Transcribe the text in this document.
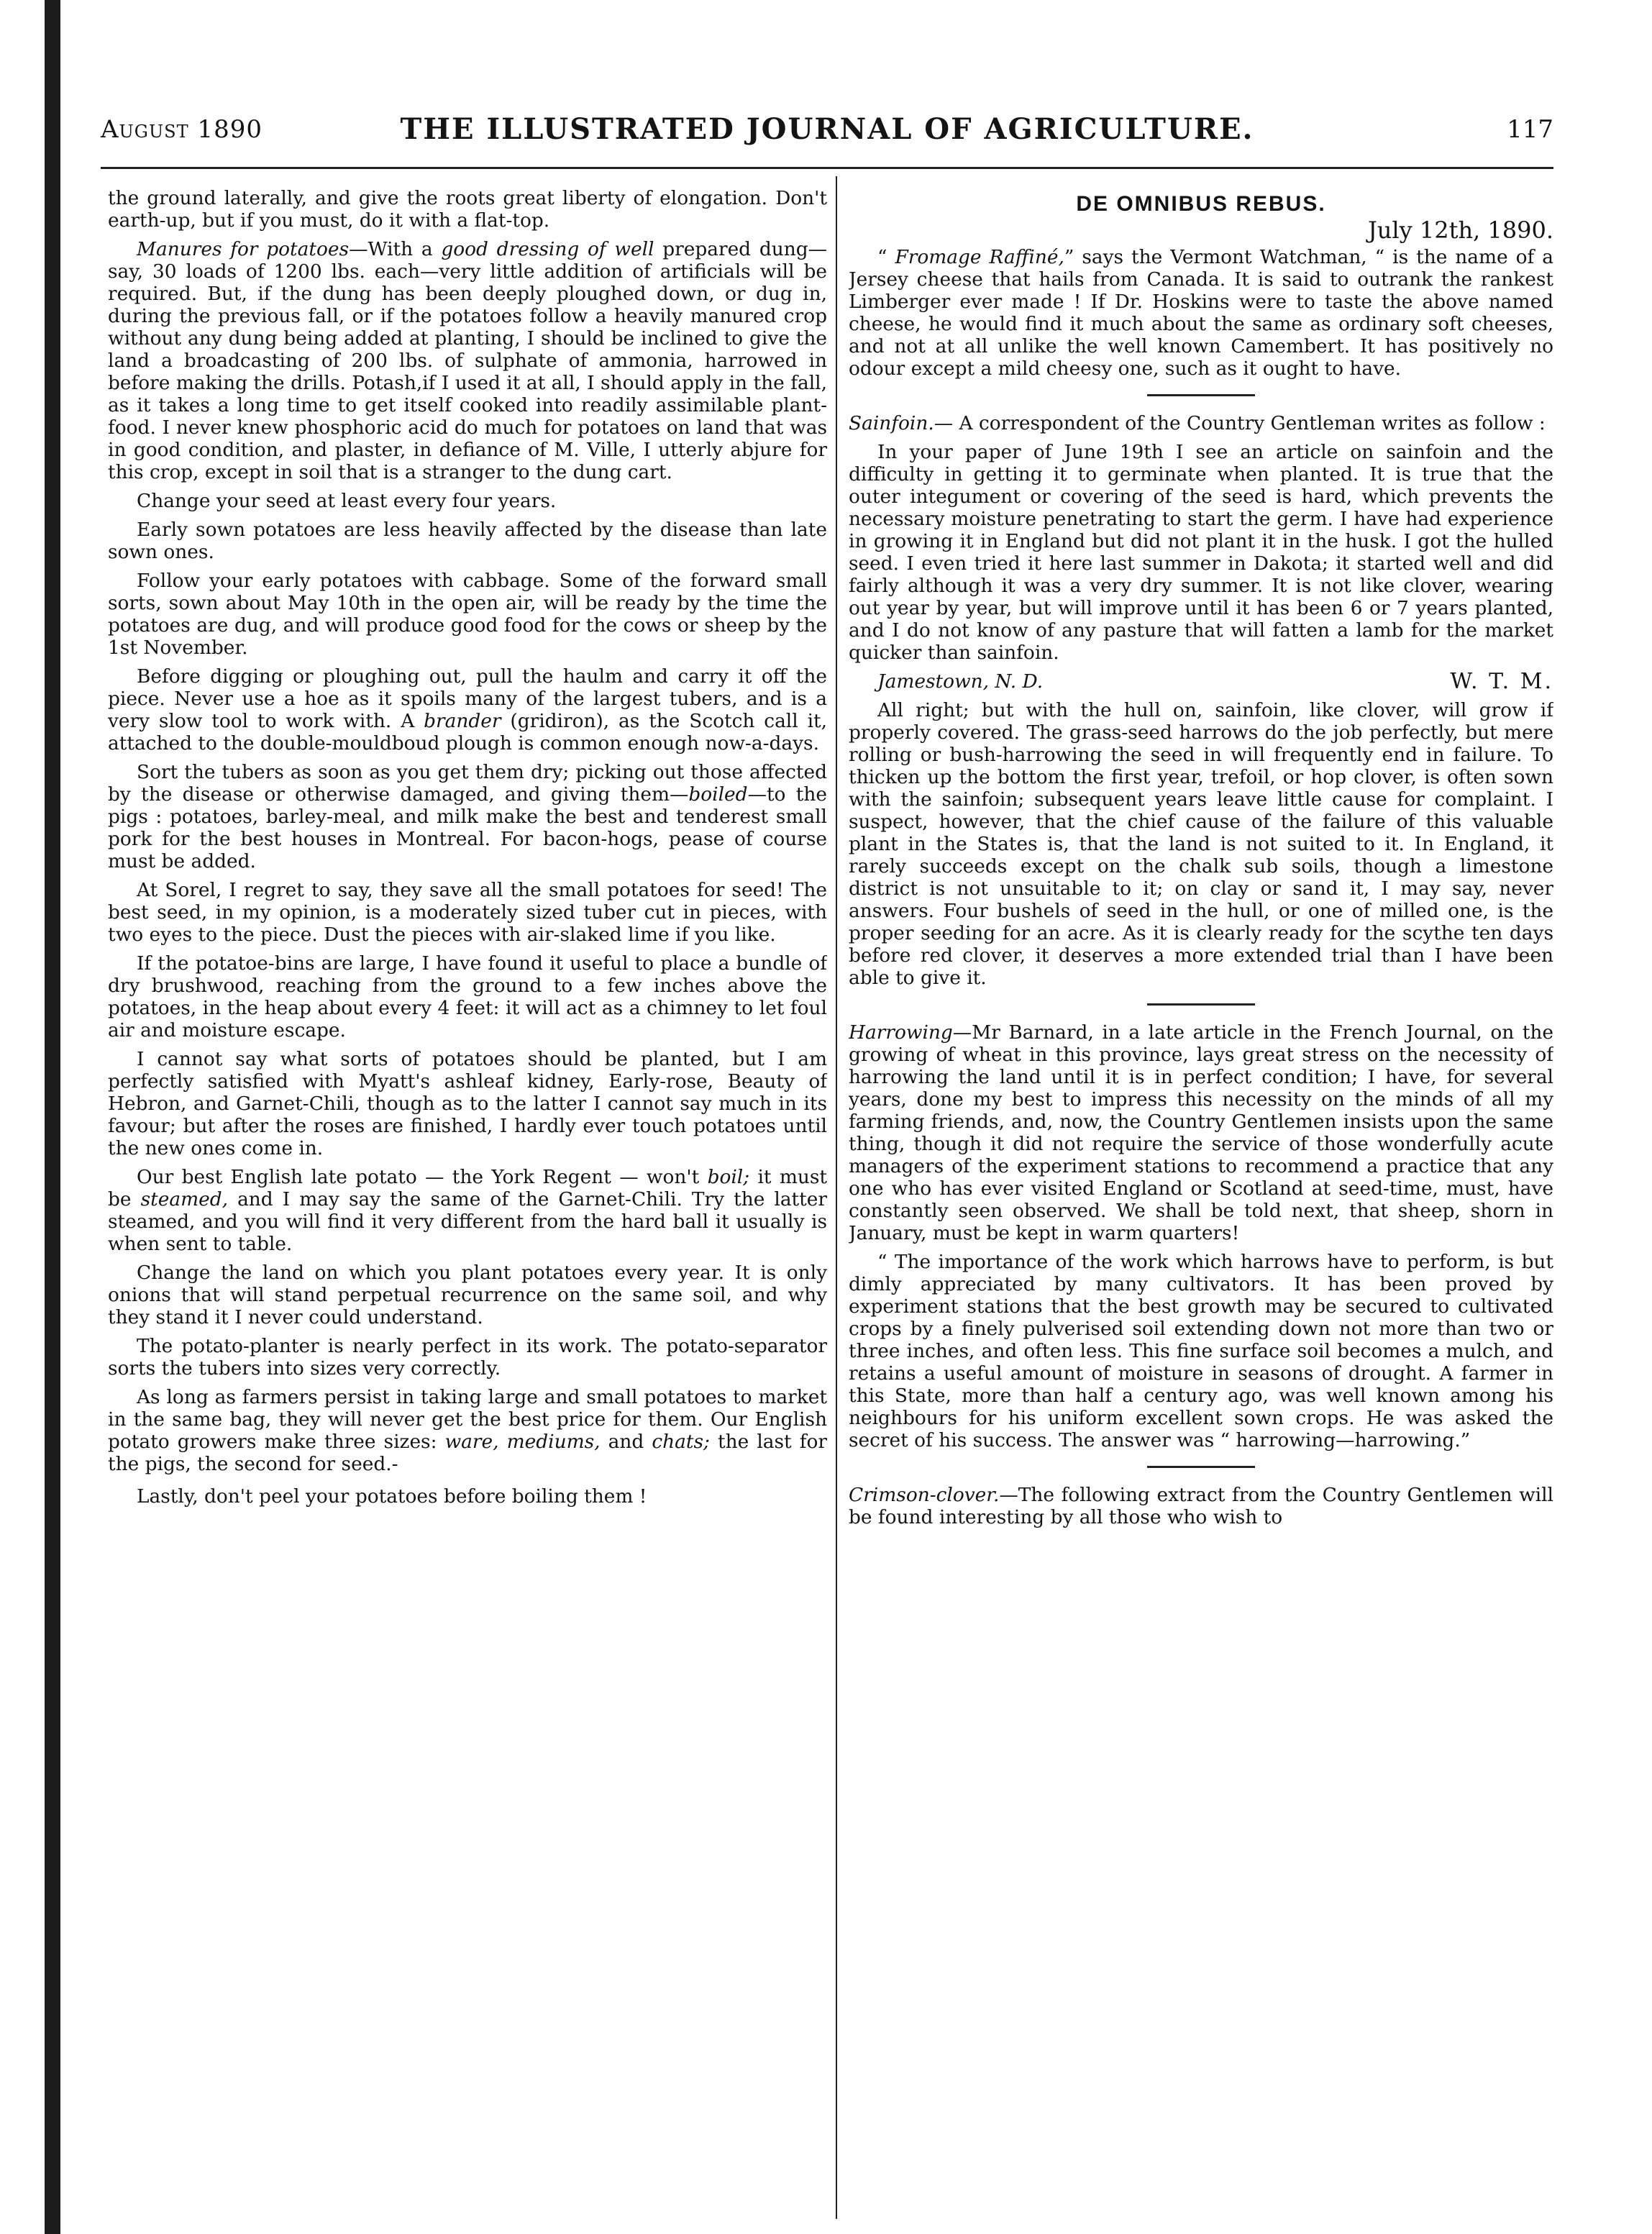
August 1890	THE ILLUSTRATED JOURNAL OF AGRICULTURE.	117

the ground laterally, and give the roots great liberty of elongation. Don't earth-up, but if you must, do it with a flat-top.

Manures for potatoes—With a good dressing of well prepared dung—say, 30 loads of 1200 lbs. each—very little addition of artificials will be required. But, if the dung has been deeply ploughed down, or dug in, during the previous fall, or if the potatoes follow a heavily manured crop without any dung being added at planting, I should be inclined to give the land a broadcasting of 200 lbs. of sulphate of ammonia, harrowed in before making the drills. Potash,if I used it at all, I should apply in the fall, as it takes a long time to get itself cooked into readily assimilable plant-food. I never knew phosphoric acid do much for potatoes on land that was in good condition, and plaster, in defiance of M. Ville, I utterly abjure for this crop, except in soil that is a stranger to the dung cart.

Change your seed at least every four years.

Early sown potatoes are less heavily affected by the disease than late sown ones.

Follow your early potatoes with cabbage. Some of the forward small sorts, sown about May 10th in the open air, will be ready by the time the potatoes are dug, and will produce good food for the cows or sheep by the 1st November.

Before digging or ploughing out, pull the haulm and carry it off the piece. Never use a hoe as it spoils many of the largest tubers, and is a very slow tool to work with. A brander (gridiron), as the Scotch call it, attached to the double-mouldboud plough is common enough now-a-days.

Sort the tubers as soon as you get them dry; picking out those affected by the disease or otherwise damaged, and giving them—boiled—to the pigs : potatoes, barley-meal, and milk make the best and tenderest small pork for the best houses in Montreal. For bacon-hogs, pease of course must be added.

At Sorel, I regret to say, they save all the small potatoes for seed! The best seed, in my opinion, is a moderately sized tuber cut in pieces, with two eyes to the piece. Dust the pieces with air-slaked lime if you like.

If the potatoe-bins are large, I have found it useful to place a bundle of dry brushwood, reaching from the ground to a few inches above the potatoes, in the heap about every 4 feet: it will act as a chimney to let foul air and moisture escape.

I cannot say what sorts of potatoes should be planted, but I am perfectly satisfied with Myatt's ashleaf kidney, Early-rose, Beauty of Hebron, and Garnet-Chili, though as to the latter I cannot say much in its favour; but after the roses are finished, I hardly ever touch potatoes until the new ones come in.

Our best English late potato — the York Regent — won't boil; it must be steamed, and I may say the same of the Garnet-Chili. Try the latter steamed, and you will find it very different from the hard ball it usually is when sent to table.

Change the land on which you plant potatoes every year. It is only onions that will stand perpetual recurrence on the same soil, and why they stand it I never could understand.

The potato-planter is nearly perfect in its work. The potato-separator sorts the tubers into sizes very correctly.

As long as farmers persist in taking large and small potatoes to market in the same bag, they will never get the best price for them. Our English potato growers make three sizes: ware, mediums, and chats; the last for the pigs, the second for seed.-

Lastly, don't peel your potatoes before boiling them !

DE OMNIBUS REBUS.
July 12th, 1890.

“ Fromage Raffiné,” says the Vermont Watchman, “ is the name of a Jersey cheese that hails from Canada. It is said to outrank the rankest Limberger ever made ! If Dr. Hoskins were to taste the above named cheese, he would find it much about the same as ordinary soft cheeses, and not at all unlike the well known Camembert. It has positively no odour except a mild cheesy one, such as it ought to have.

Sainfoin.— A correspondent of the Country Gentleman writes as follow :

In your paper of June 19th I see an article on sainfoin and the difficulty in getting it to germinate when planted. It is true that the outer integument or covering of the seed is hard, which prevents the necessary moisture penetrating to start the germ. I have had experience in growing it in England but did not plant it in the husk. I got the hulled seed. I even tried it here last summer in Dakota; it started well and did fairly although it was a very dry summer. It is not like clover, wearing out year by year, but will improve until it has been 6 or 7 years planted, and I do not know of any pasture that will fatten a lamb for the market quicker than sainfoin.

Jamestown, N. D.	W. T. M.

All right; but with the hull on, sainfoin, like clover, will grow if properly covered. The grass-seed harrows do the job perfectly, but mere rolling or bush-harrowing the seed in will frequently end in failure. To thicken up the bottom the first year, trefoil, or hop clover, is often sown with the sainfoin; subsequent years leave little cause for complaint. I suspect, however, that the chief cause of the failure of this valuable plant in the States is, that the land is not suited to it. In England, it rarely succeeds except on the chalk sub soils, though a limestone district is not unsuitable to it; on clay or sand it, I may say, never answers. Four bushels of seed in the hull, or one of milled one, is the proper seeding for an acre. As it is clearly ready for the scythe ten days before red clover, it deserves a more extended trial than I have been able to give it.

Harrowing—Mr Barnard, in a late article in the French Journal, on the growing of wheat in this province, lays great stress on the necessity of harrowing the land until it is in perfect condition; I have, for several years, done my best to impress this necessity on the minds of all my farming friends, and, now, the Country Gentlemen insists upon the same thing, though it did not require the service of those wonderfully acute managers of the experiment stations to recommend a practice that any one who has ever visited England or Scotland at seed-time, must, have constantly seen observed. We shall be told next, that sheep, shorn in January, must be kept in warm quarters!

“ The importance of the work which harrows have to perform, is but dimly appreciated by many cultivators. It has been proved by experiment stations that the best growth may be secured to cultivated crops by a finely pulverised soil extending down not more than two or three inches, and often less. This fine surface soil becomes a mulch, and retains a useful amount of moisture in seasons of drought. A farmer in this State, more than half a century ago, was well known among his neighbours for his uniform excellent sown crops. He was asked the secret of his success. The answer was “ harrowing—harrowing.”

Crimson-clover.—The following extract from the Country Gentlemen will be found interesting by all those who wish to
